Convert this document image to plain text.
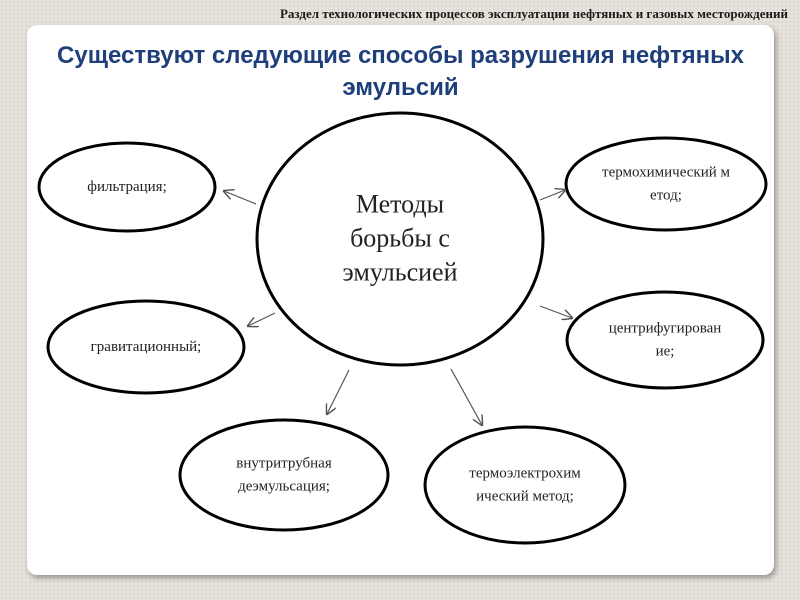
Раздел технологических процессов эксплуатации нефтяных и газовых месторождений
Существуют следующие способы разрушения нефтяных эмульсий
Методы борьбы с эмульсией
фильтрация;
термохимический метод;
гравитационный;
центрифугирование;
внутритрубная деэмульсация;
термоэлектрохимический метод;
